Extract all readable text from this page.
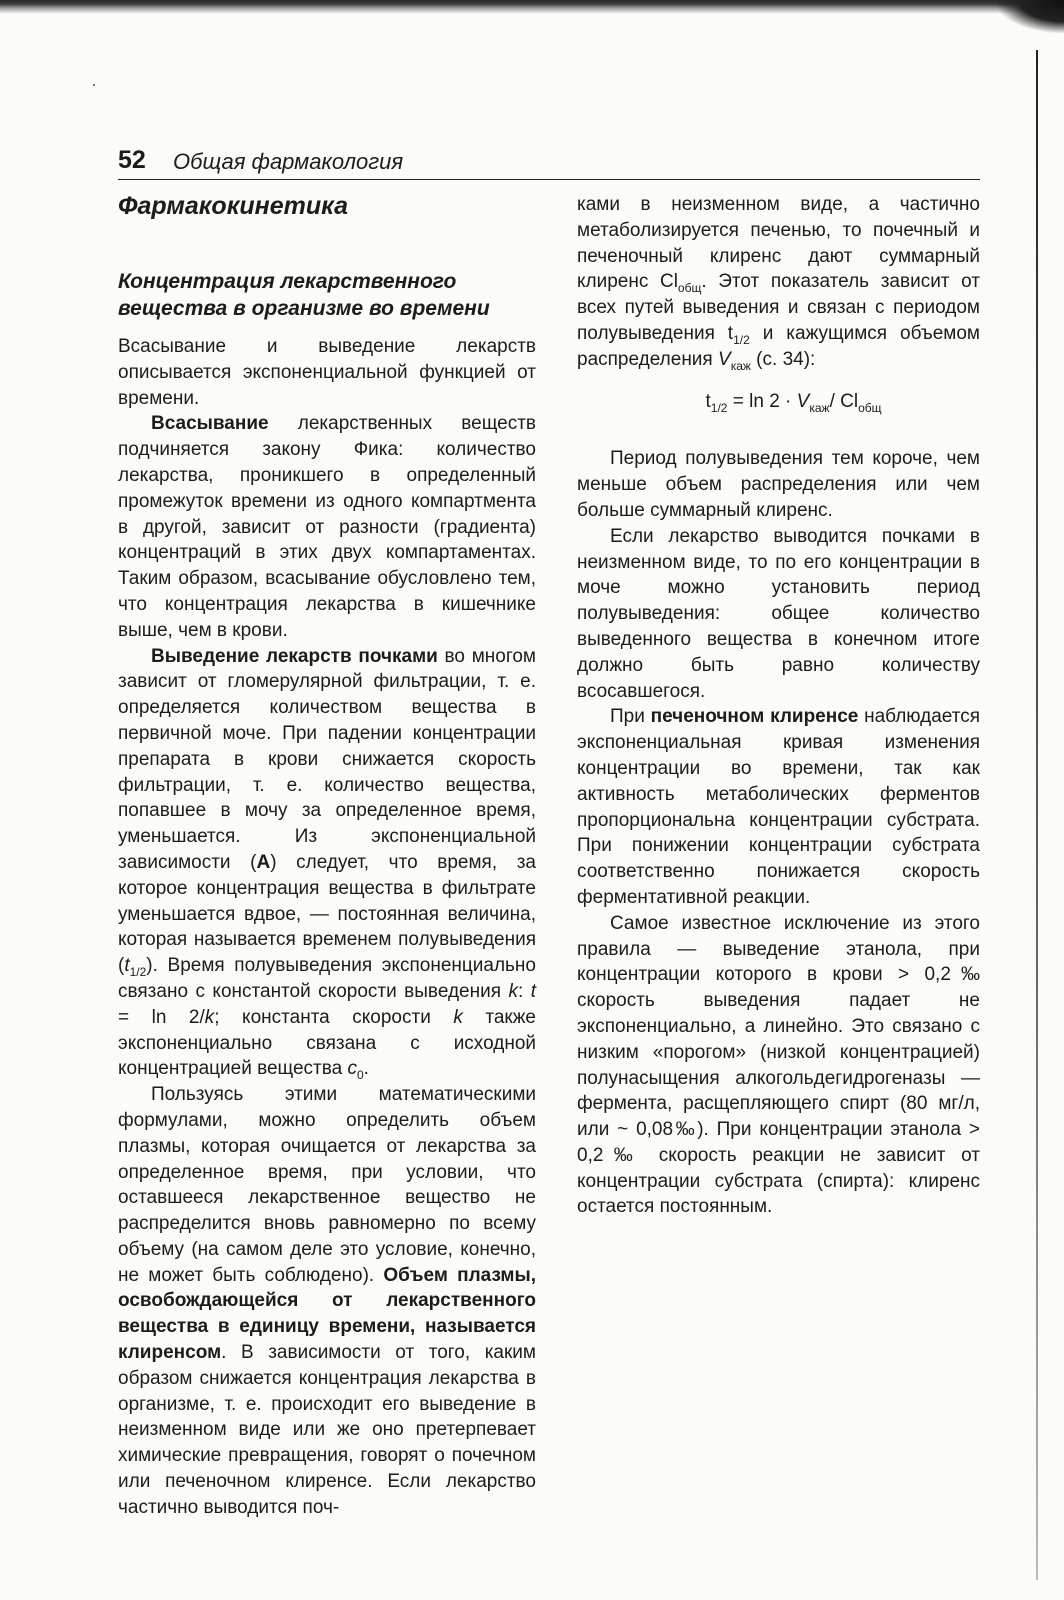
52 Общая фармакология
Фармакокинетика
Концентрация лекарственного вещества в организме во времени

Всасывание и выведение лекарств описывается экспоненциальной функцией от времени.

Всасывание лекарственных веществ подчиняется закону Фика: количество лекарства, проникшего в определенный промежуток времени из одного компартмента в другой, зависит от разности (градиента) концентраций в этих двух компартаментах. Таким образом, всасывание обусловлено тем, что концентрация лекарства в кишечнике выше, чем в крови.

Выведение лекарств почками во многом зависит от гломерулярной фильтрации, т. е. определяется количеством вещества в первичной моче. При падении концентрации препарата в крови снижается скорость фильтрации, т. е. количество вещества, попавшее в мочу за определенное время, уменьшается. Из экспоненциальной зависимости (А) следует, что время, за которое концентрация вещества в фильтрате уменьшается вдвое, — постоянная величина, которая называется временем полувыведения $(t_{1/2})$. Время полувыведения экспоненциально связано с константой скорости выведения k: t = ln 2/k; константа скорости k также экспоненциально связана с исходной концентрацией вещества $c_0$.

Пользуясь этими математическими формулами, можно определить объем плазмы, которая очищается от лекарства за определенное время, при условии, что оставшееся лекарственное вещество не распределится вновь равномерно по всему объему (на самом деле это условие, конечно, не может быть соблюдено). Объем плазмы, освобождающейся от лекарственного вещества в единицу времени, называется клиренсом. В зависимости от того, каким образом снижается концентрация лекарства в организме, т. е. происходит его выведение в неизменном виде или же оно претерпевает химические превращения, говорят о почечном или печеночном клиренсе. Если лекарство частично выводится поч-

ками в неизменном виде, а частично метаболизируется печенью, то почечный и печеночный клиренс дают суммарный клиренс $Cl_{общ}$. Этот показатель зависит от всех путей выведения и связан с периодом полувыведения $t_{1/2}$ и кажущимся объемом распределения $V_{каж}$ (с. 34):

$t_{1/2} = \ln 2 \cdot V_{каж}/$ $Cl_{общ}$

Период полувыведения тем короче, чем меньше объем распределения или чем больше суммарный клиренс.

Если лекарство выводится почками в неизменном виде, то по его концентрации в моче можно установить период полувыведения: общее количество выведенного вещества в конечном итоге должно быть равно количеству всосавшегося.

При печеночном клиренсе наблюдается экспоненциальная кривая изменения концентрации во времени, так как активность метаболических ферментов пропорциональна концентрации субстрата. При понижении концентрации субстрата соответственно понижается скорость ферментативной реакции.

Самое известное исключение из этого правила — выведение этанола, при концентрации которого в крови > 0,2‰ скорость выведения падает не экспоненциально, а линейно. Это связано с низким «порогом» (низкой концентрацией) полунасыщения алкогольдегидрогеназы — фермента, расщепляющего спирт (80 мг/л, или ~ 0,08‰). При концентрации этанола > 0,2‰ скорость реакции не зависит от концентрации субстрата (спирта): клиренс остается постоянным.
